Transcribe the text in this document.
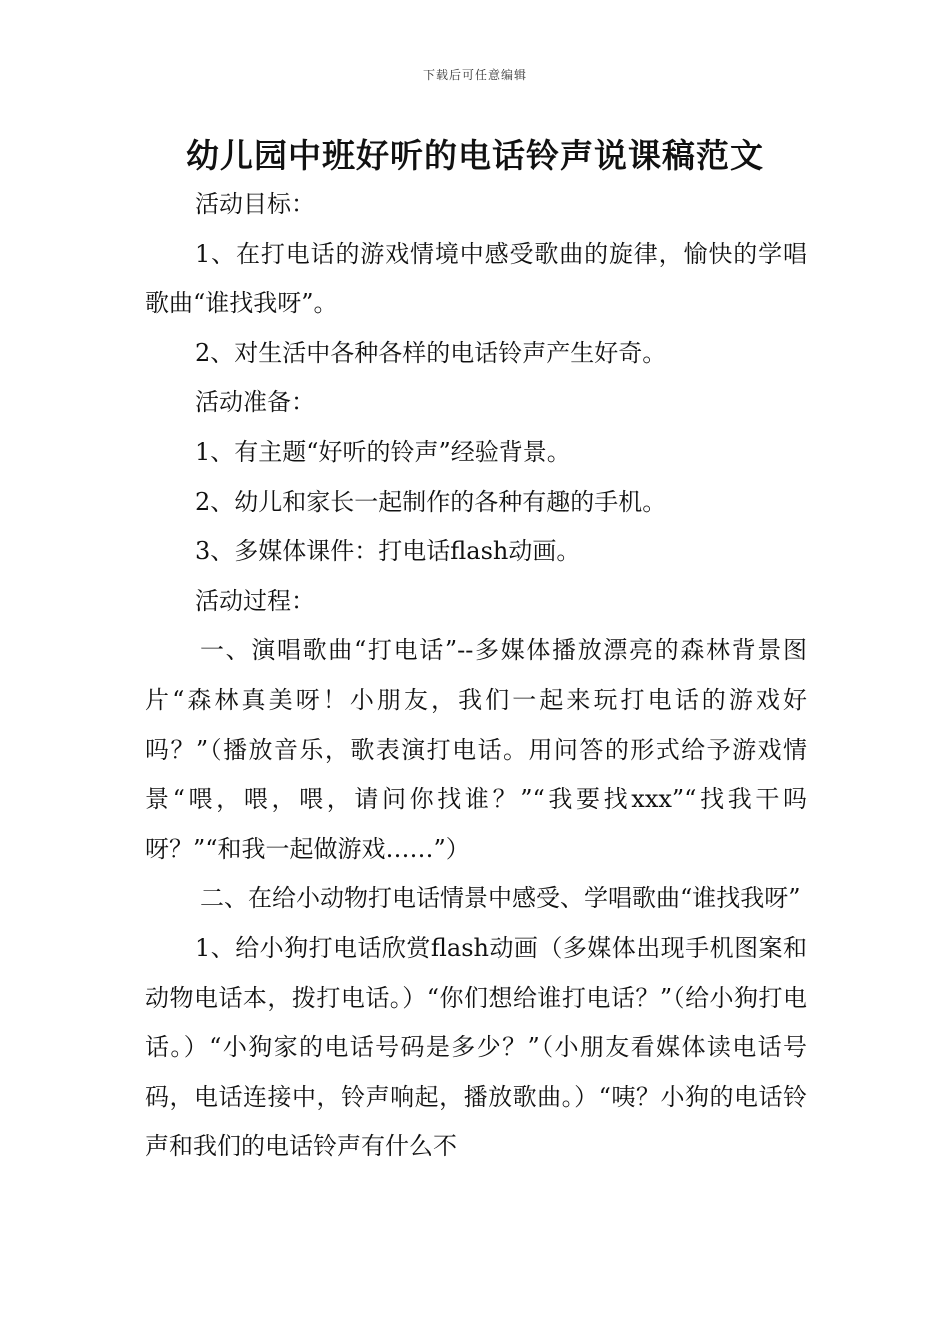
下载后可任意编辑
幼儿园中班好听的电话铃声说课稿范文

活动目标：

1、在打电话的游戏情境中感受歌曲的旋律，愉快的学唱歌曲“谁找我呀”。

2、对生活中各种各样的电话铃声产生好奇。

活动准备：

1、有主题“好听的铃声”经验背景。

2、幼儿和家长一起制作的各种有趣的手机。

3、多媒体课件：打电话flash动画。

活动过程：

一、演唱歌曲“打电话”--多媒体播放漂亮的森林背景图片“森林真美呀！小朋友，我们一起来玩打电话的游戏好吗？”（播放音乐，歌表演打电话。用问答的形式给予游戏情景“喂，喂，喂，请问你找谁？”“我要找xxx”“找我干吗呀？”“和我一起做游戏……”）

二、在给小动物打电话情景中感受、学唱歌曲“谁找我呀”

1、给小狗打电话欣赏flash动画（多媒体出现手机图案和动物电话本，拨打电话。）“你们想给谁打电话？”（给小狗打电话。）“小狗家的电话号码是多少？”（小朋友看媒体读电话号码，电话连接中，铃声响起，播放歌曲。）“咦？小狗的电话铃声和我们的电话铃声有什么不
